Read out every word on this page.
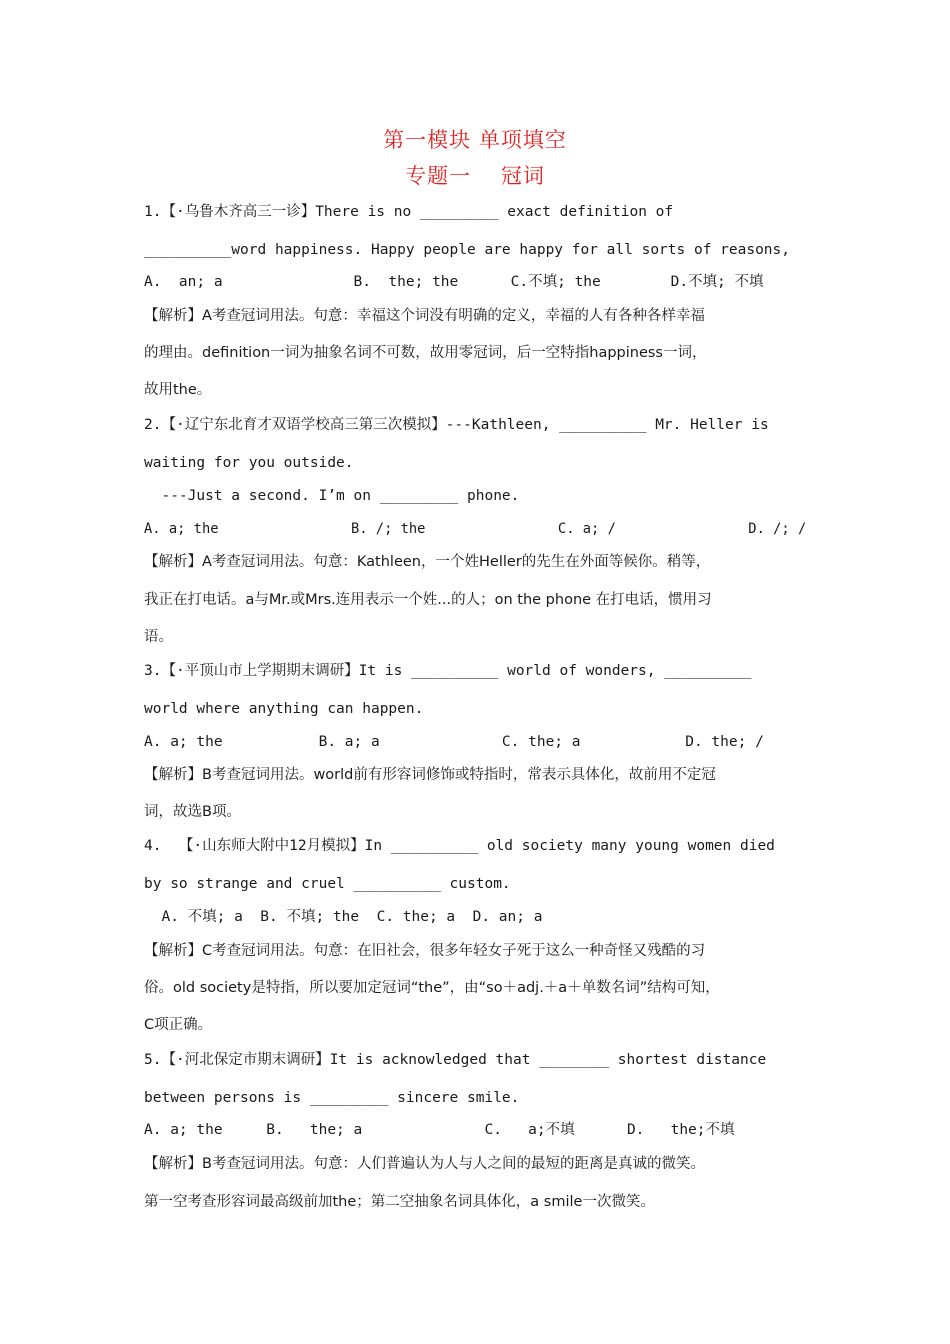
第一模块 单项填空
专题一　 冠词
1.【·乌鲁木齐高三一诊】There is no _________ exact definition of
__________word happiness. Happy people are happy for all sorts of reasons,
A.  an; a               B.  the; the      C.不填; the        D.不填; 不填
【解析】A考查冠词用法。句意：幸福这个词没有明确的定义，幸福的人有各种各样幸福
的理由。definition一词为抽象名词不可数，故用零冠词，后一空特指happiness一词，
故用the。
2.【·辽宁东北育才双语学校高三第三次模拟】---Kathleen, __________ Mr. Heller is
waiting for you outside.
---Just a second. I’m on _________ phone.
A. a; the                B. /; the                C. a; /                D. /; /
【解析】A考查冠词用法。句意：Kathleen，一个姓Heller的先生在外面等候你。稍等，
我正在打电话。a与Mr.或Mrs.连用表示一个姓...的人；on the phone 在打电话，惯用习
语。
3.【·平顶山市上学期期末调研】It is __________ world of wonders, __________
world where anything can happen.
A. a; the           B. a; a              C. the; a            D. the; /
【解析】B考查冠词用法。world前有形容词修饰或特指时，常表示具体化，故前用不定冠
词，故选B项。
4.  【·山东师大附中12月模拟】In __________ old society many young women died
by so strange and cruel __________ custom.
A. 不填; a  B. 不填; the  C. the; a  D. an; a
【解析】C考查冠词用法。句意：在旧社会，很多年轻女子死于这么一种奇怪又残酷的习
俗。old society是特指，所以要加定冠词“the”，由“so＋adj.＋a＋单数名词”结构可知，
C项正确。
5.【·河北保定市期末调研】It is acknowledged that ________ shortest distance
between persons is _________ sincere smile.
A. a; the     B.   the; a              C.   a;不填      D.   the;不填
【解析】B考查冠词用法。句意：人们普遍认为人与人之间的最短的距离是真诚的微笑。
第一空考查形容词最高级前加the；第二空抽象名词具体化，a smile一次微笑。
